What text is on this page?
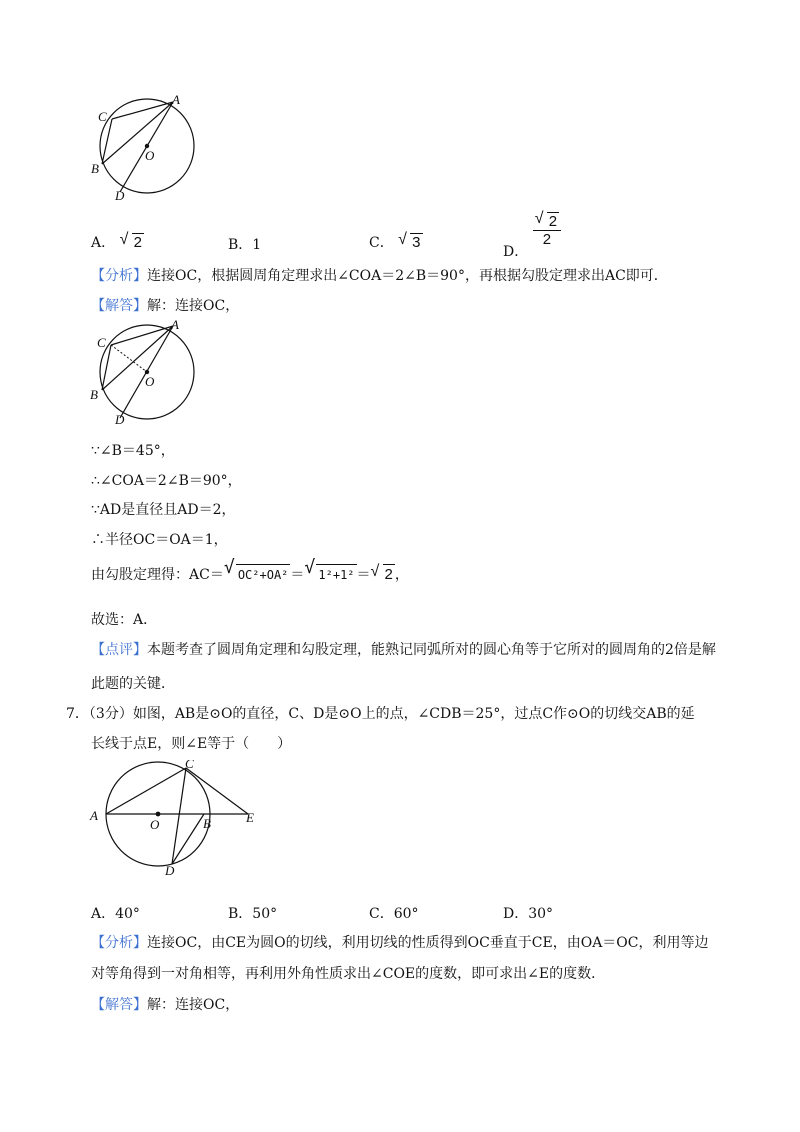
A
C
B
D
O
A． √ 2	B．1	C． √ 3
D．
$\frac{√ 2}{2}$
【分析】连接OC，根据圆周角定理求出∠COA＝2∠B＝90°，再根据勾股定理求出AC即可．
【解答】解：连接OC，
A
C
B
D
O
∵∠B＝45°，
∴∠COA＝2∠B＝90°，
∵AD是直径且AD＝2，
∴半径OC＝OA＝1，
由勾股定理得：AC＝ √ OC²+OA² ＝ √ 1²+1² ＝ √ 2 ，
故选：A．
【点评】本题考查了圆周角定理和勾股定理，能熟记同弧所对的圆心角等于它所对的圆周角的2倍是解
此题的关键．
7．（3分）如图，AB是⊙O的直径，C、D是⊙O上的点，∠CDB＝25°，过点C作⊙O的切线交AB的延
长线于点E，则∠E等于（　　）
C
A
O	B	E
D
A．40°	B．50°	C．60°	D．30°
【分析】连接OC，由CE为圆O的切线，利用切线的性质得到OC垂直于CE，由OA＝OC，利用等边
对等角得到一对角相等，再利用外角性质求出∠COE的度数，即可求出∠E的度数．
【解答】解：连接OC，
